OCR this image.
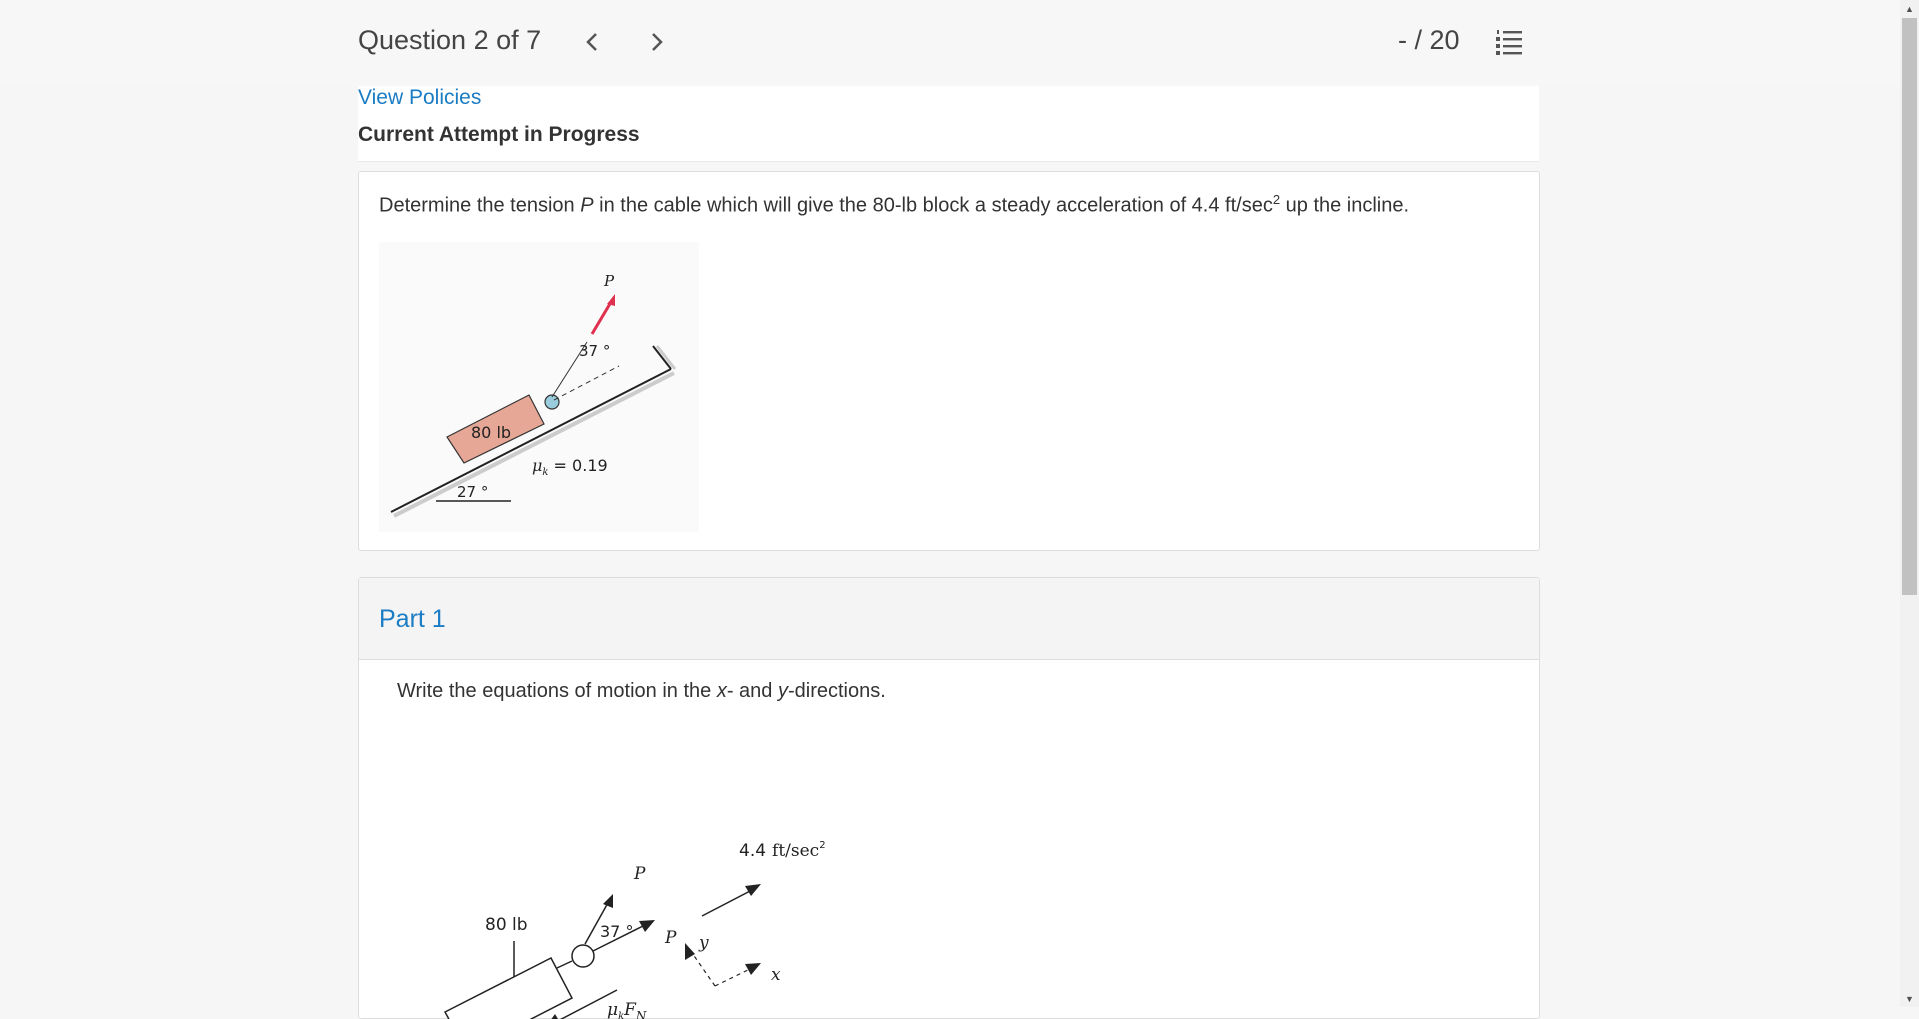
Question 2 of 7	- / 20
View Policies
Current Attempt in Progress
Determine the tension P in the cable which will give the 80-lb block a steady acceleration of 4.4 $ft/\sec^2$ up the incline.
27 °
80 lb
P
37 °
$\mu_k = 0.19$
Part 1
Write the equations of motion in the x- and y-directions.
4.4 $ft/\sec^2$
P
80 lb	37 ° P
$\mu_kF_N$
y
x
▲
▼
